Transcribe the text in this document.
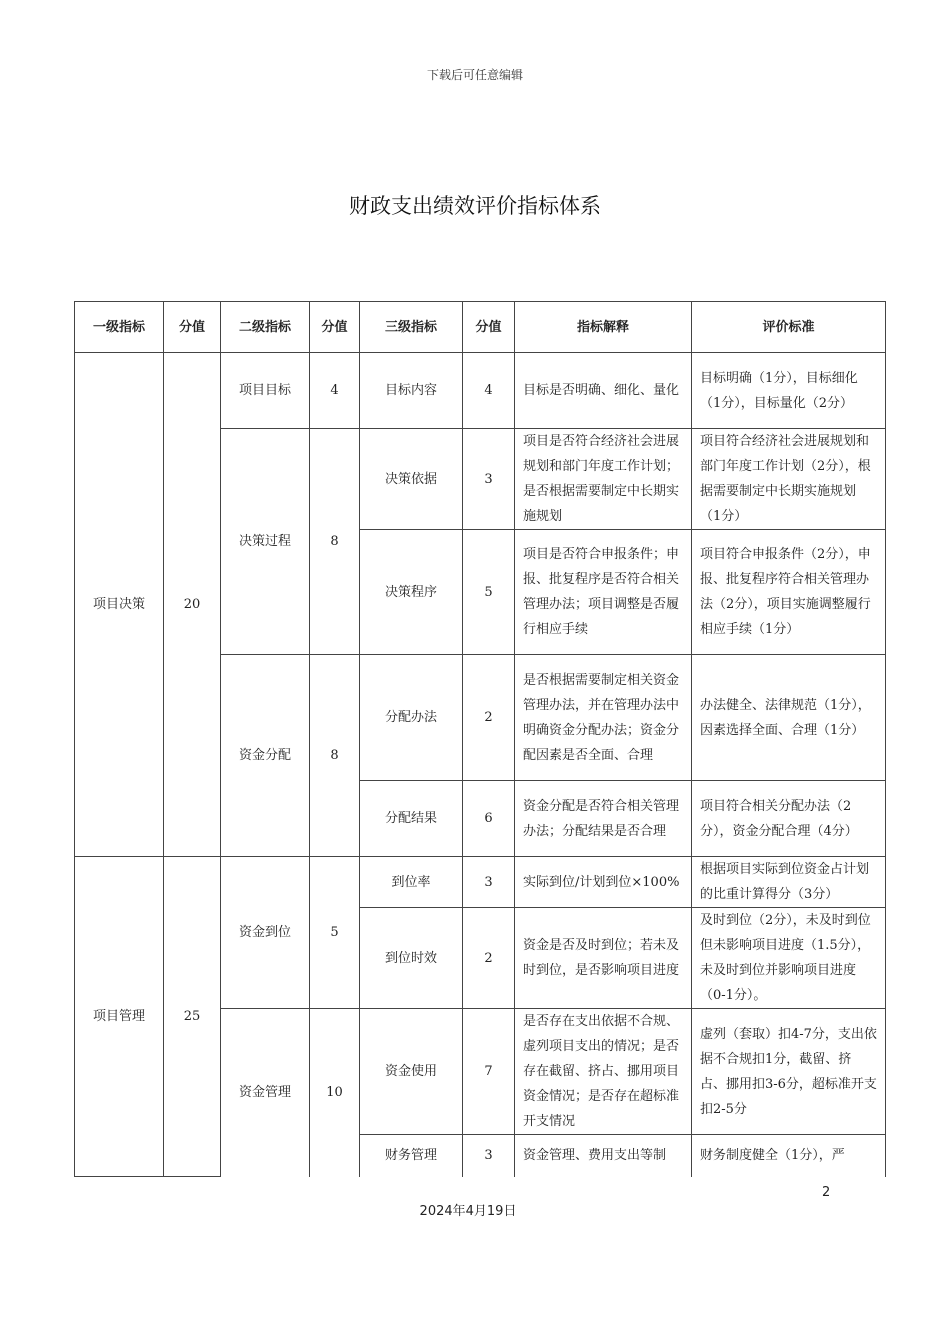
下载后可任意编辑
财政支出绩效评价指标体系
一级指标	分值	二级指标	分值	三级指标	分值	指标解释	评价标准
项目决策	20	项目目标	4	目标内容	4	目标是否明确、细化、量化	目标明确（1分），目标细化（1分），目标量化（2分）
		决策过程	8	决策依据	3	项目是否符合经济社会进展规划和部门年度工作计划；是否根据需要制定中长期实施规划	项目符合经济社会进展规划和部门年度工作计划（2分），根据需要制定中长期实施规划（1分）
				决策程序	5	项目是否符合申报条件；申报、批复程序是否符合相关管理办法；项目调整是否履行相应手续	项目符合申报条件（2分），申报、批复程序符合相关管理办法（2分），项目实施调整履行相应手续（1分）
		资金分配	8	分配办法	2	是否根据需要制定相关资金管理办法，并在管理办法中明确资金分配办法；资金分配因素是否全面、合理	办法健全、法律规范（1分），因素选择全面、合理（1分）
				分配结果	6	资金分配是否符合相关管理办法；分配结果是否合理	项目符合相关分配办法（2分），资金分配合理（4分）
项目管理	25	资金到位	5	到位率	3	实际到位/计划到位×100%	根据项目实际到位资金占计划的比重计算得分（3分）
				到位时效	2	资金是否及时到位；若未及时到位，是否影响项目进度	及时到位（2分），未及时到位但未影响项目进度（1.5分），未及时到位并影响项目进度（0-1分）。
		资金管理	10	资金使用	7	是否存在支出依据不合规、虚列项目支出的情况；是否存在截留、挤占、挪用项目资金情况；是否存在超标准开支情况	虚列（套取）扣4-7分，支出依据不合规扣1分，截留、挤占、挪用扣3-6分，超标准开支扣2-5分
				财务管理	3	资金管理、费用支出等制	财务制度健全（1分），严
2
2024年4月19日
